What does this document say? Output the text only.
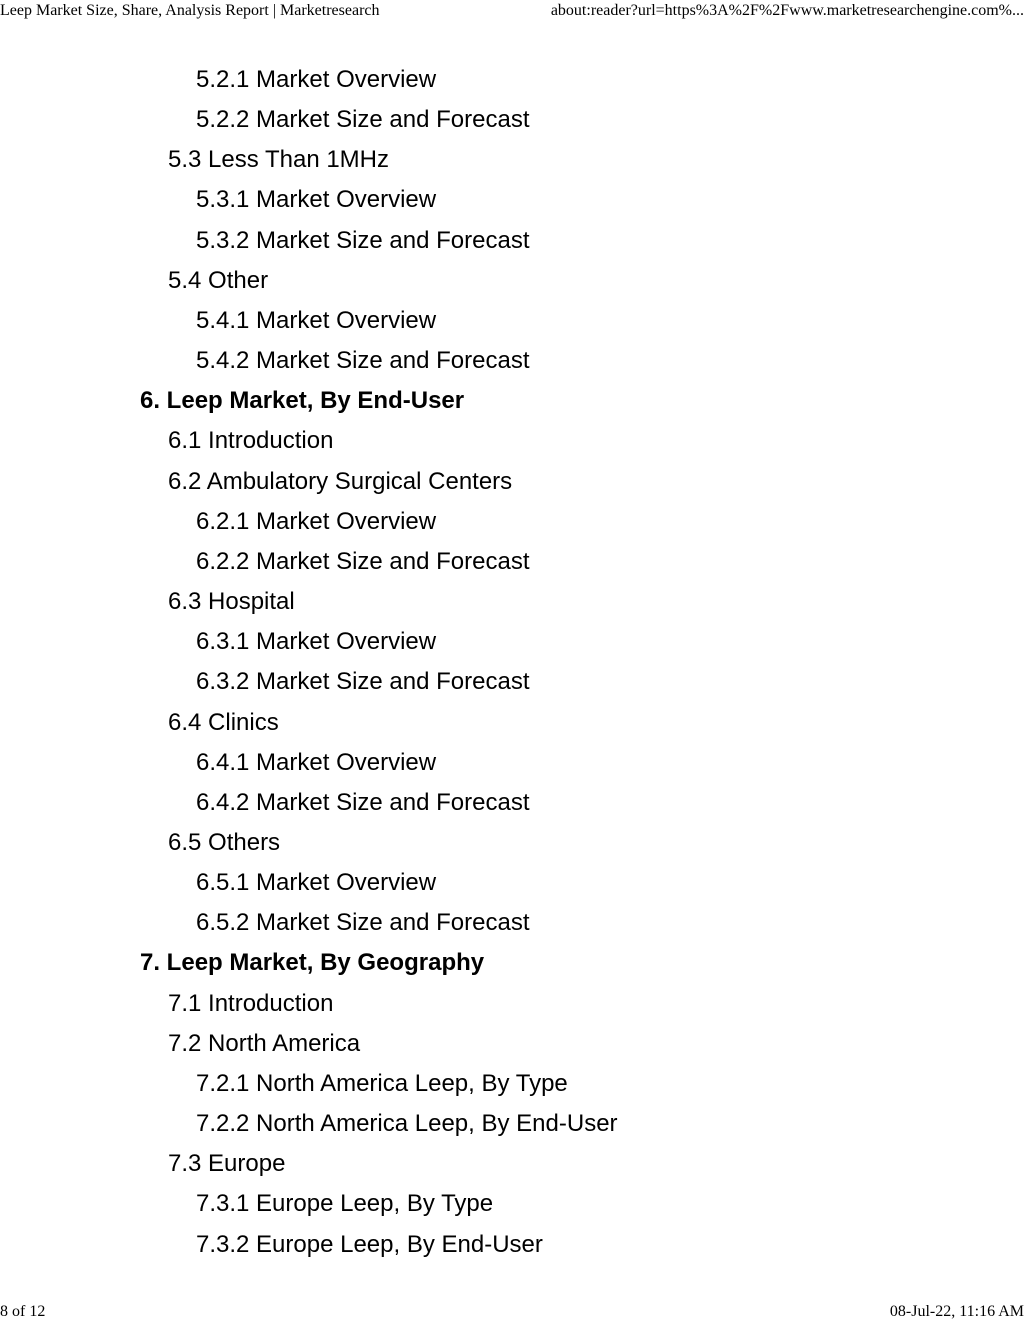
Leep Market Size, Share, Analysis Report | Marketresearch	about:reader?url=https%3A%2F%2Fwww.marketresearchengine.com%...
5.2.1 Market Overview
5.2.2 Market Size and Forecast
5.3 Less Than 1MHz
5.3.1 Market Overview
5.3.2 Market Size and Forecast
5.4 Other
5.4.1 Market Overview
5.4.2 Market Size and Forecast
6. Leep Market, By End-User
6.1 Introduction
6.2 Ambulatory Surgical Centers
6.2.1 Market Overview
6.2.2 Market Size and Forecast
6.3 Hospital
6.3.1 Market Overview
6.3.2 Market Size and Forecast
6.4 Clinics
6.4.1 Market Overview
6.4.2 Market Size and Forecast
6.5 Others
6.5.1 Market Overview
6.5.2 Market Size and Forecast
7. Leep Market, By Geography
7.1 Introduction
7.2 North America
7.2.1 North America Leep, By Type
7.2.2 North America Leep, By End-User
7.3 Europe
7.3.1 Europe Leep, By Type
7.3.2 Europe Leep, By End-User
8 of 12	08-Jul-22, 11:16 AM
